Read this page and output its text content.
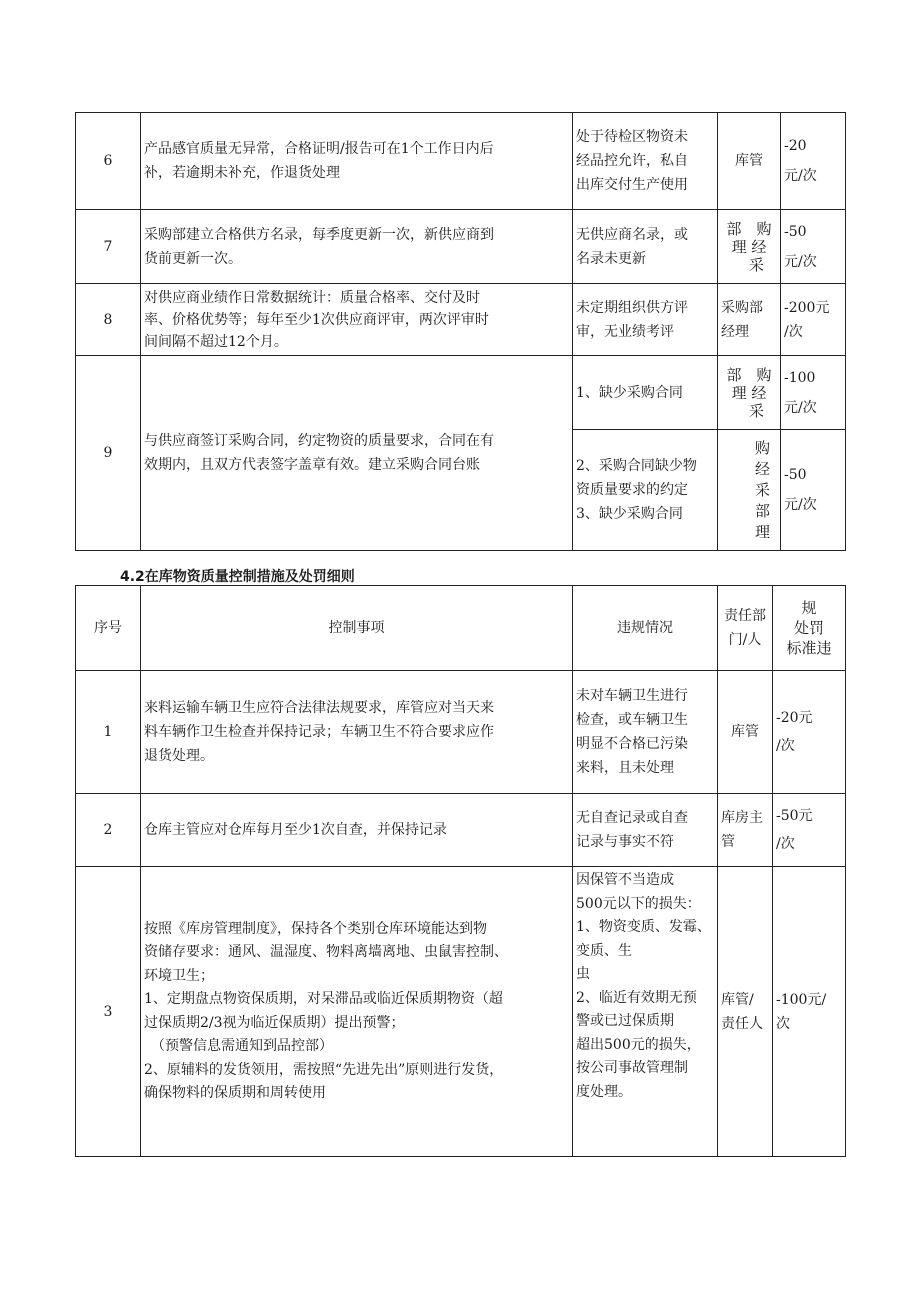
6
产品感官质量无异常，合格证明/报告可在1个工作日内后
补，若逾期未补充，作退货处理
处于待检区物资未
经品控允许，私自
出库交付生产使用
库管
-20
元/次
7
采购部建立合格供方名录，每季度更新一次，新供应商到
货前更新一次。
无供应商名录，或
名录未更新
部　购
理 经
　采
-50
元/次
8
对供应商业绩作日常数据统计：质量合格率、交付及时
率、价格优势等；每年至少1次供应商评审，两次评审时
间间隔不超过12个月。
未定期组织供方评
审，无业绩考评
采购部
经理
-200元
/次
9
与供应商签订采购合同，约定物资的质量要求，合同在有
效期内，且双方代表签字盖章有效。建立采购合同台账
1、缺少采购合同
部　购
理 经
　采
-100
元/次
2、采购合同缺少物
资质量要求的约定
3、缺少采购合同
购
经
采
部
理
-50
元/次
4.2在库物资质量控制措施及处罚细则
序号	控制事项	违规情况
责任部
门/人
规
处罚
标准违
1
来料运输车辆卫生应符合法律法规要求，库管应对当天来
料车辆作卫生检查并保持记录；车辆卫生不符合要求应作
退货处理。
未对车辆卫生进行
检查，或车辆卫生
明显不合格已污染
来料，且未处理
库管
-20元
/次
2 仓库主管应对仓库每月至少1次自查，并保持记录
无自查记录或自查
记录与事实不符
库房主
管
-50元
/次
3
按照《库房管理制度》，保持各个类别仓库环境能达到物
资储存要求：通风、温湿度、物料离墙离地、虫鼠害控制、
环境卫生；
1、定期盘点物资保质期，对呆滞品或临近保质期物资（超
过保质期2/3视为临近保质期）提出预警；
　（预警信息需通知到品控部）
2、原辅料的发货领用，需按照“先进先出”原则进行发货，
确保物料的保质期和周转使用
因保管不当造成
500元以下的损失：
1、物资变质、发霉、
变质、生
虫
2、临近有效期无预
警或已过保质期
超出500元的损失，
按公司事故管理制
度处理。
库管/
责任人
-100元/
次
